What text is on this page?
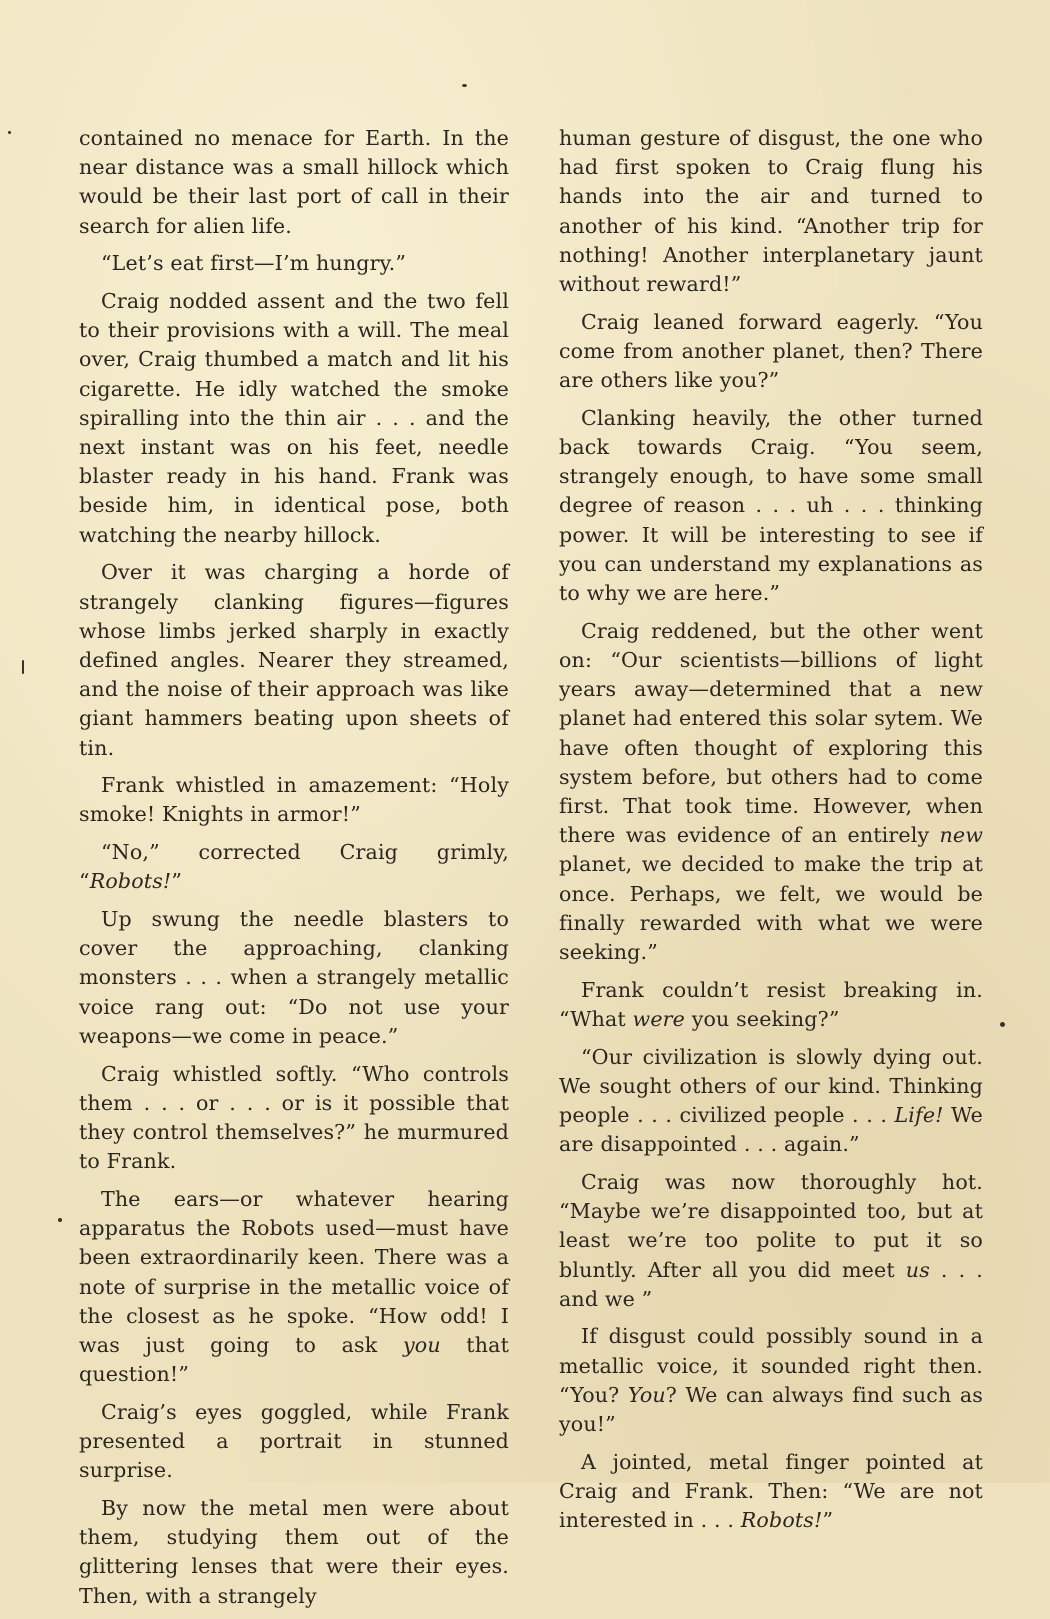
contained no menace for Earth. In the near distance was a small hillock which would be their last port of call in their search for alien life.

“Let’s eat first—I’m hungry.”

Craig nodded assent and the two fell to their provisions with a will. The meal over, Craig thumbed a match and lit his cigarette. He idly watched the smoke spiralling into the thin air . . . and the next instant was on his feet, needle blaster ready in his hand. Frank was beside him, in identical pose, both watching the nearby hillock.

Over it was charging a horde of strangely clanking figures—figures whose limbs jerked sharply in exactly defined angles. Nearer they streamed, and the noise of their approach was like giant hammers beating upon sheets of tin.

Frank whistled in amazement: “Holy smoke! Knights in armor!”

“No,” corrected Craig grimly, “Robots!”

Up swung the needle blasters to cover the approaching, clanking monsters . . . when a strangely metallic voice rang out: “Do not use your weapons—we come in peace.”

Craig whistled softly. “Who controls them . . . or . . . or is it possible that they control themselves?” he murmured to Frank.

The ears—or whatever hearing apparatus the Robots used—must have been extraordinarily keen. There was a note of surprise in the metallic voice of the closest as he spoke. “How odd! I was just going to ask you that question!”

Craig’s eyes goggled, while Frank presented a portrait in stunned surprise.

By now the metal men were about them, studying them out of the glittering lenses that were their eyes. Then, with a strangely

human gesture of disgust, the one who had first spoken to Craig flung his hands into the air and turned to another of his kind. “Another trip for nothing! Another interplanetary jaunt without reward!”

Craig leaned forward eagerly. “You come from another planet, then? There are others like you?”

Clanking heavily, the other turned back towards Craig. “You seem, strangely enough, to have some small degree of reason . . . uh . . . thinking power. It will be interesting to see if you can understand my explanations as to why we are here.”

Craig reddened, but the other went on: “Our scientists—billions of light years away—determined that a new planet had entered this solar sytem. We have often thought of exploring this system before, but others had to come first. That took time. However, when there was evidence of an entirely new planet, we decided to make the trip at once. Perhaps, we felt, we would be finally rewarded with what we were seeking.”

Frank couldn’t resist breaking in. “What were you seeking?”

“Our civilization is slowly dying out. We sought others of our kind. Thinking people . . . civilized people . . . Life! We are disappointed . . . again.”

Craig was now thoroughly hot. “Maybe we’re disappointed too, but at least we’re too polite to put it so bluntly. After all you did meet us . . . and we ”

If disgust could possibly sound in a metallic voice, it sounded right then. “You? You? We can always find such as you!”

A jointed, metal finger pointed at Craig and Frank. Then: “We are not interested in . . . Robots!”
